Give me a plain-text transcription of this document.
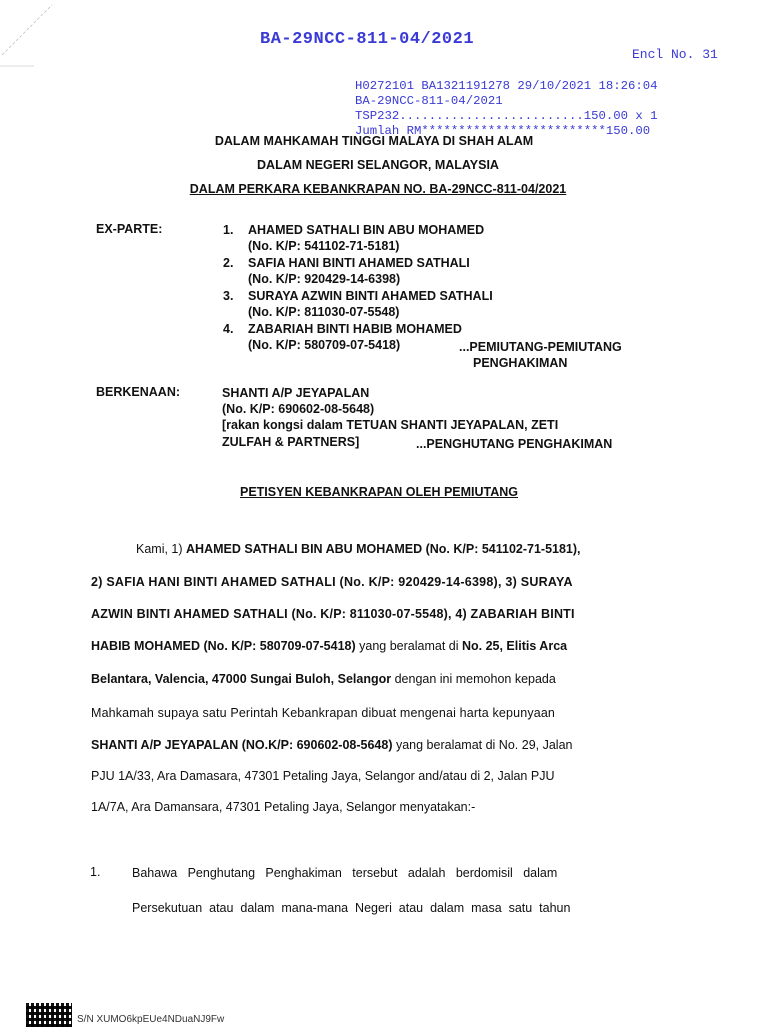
BA-29NCC-811-04/2021
Encl No. 31
H0272101 BA1321191278 29/10/2021 18:26:04
BA-29NCC-811-04/2021
TSP232.........................150.00 x 1
Jumlah RM*************************150.00
DALAM MAHKAMAH TINGGI MALAYA DI SHAH ALAM
DALAM NEGERI SELANGOR, MALAYSIA
DALAM PERKARA KEBANKRAPAN NO. BA-29NCC-811-04/2021
EX-PARTE:	1. AHAMED SATHALI BIN ABU MOHAMED
(No. K/P: 541102-71-5181)
2. SAFIA HANI BINTI AHAMED SATHALI
(No. K/P: 920429-14-6398)
3. SURAYA AZWIN BINTI AHAMED SATHALI
(No. K/P: 811030-07-5548)
4. ZABARIAH BINTI HABIB MOHAMED
(No. K/P: 580709-07-5418)	...PEMIUTANG-PEMIUTANG
PENGHAKIMAN
BERKENAAN:	SHANTI A/P JEYAPALAN
(No. K/P: 690602-08-5648)
[rakan kongsi dalam TETUAN SHANTI JEYAPALAN, ZETI
ZULFAH & PARTNERS]	...PENGHUTANG PENGHAKIMAN
PETISYEN KEBANKRAPAN OLEH PEMIUTANG
Kami, 1) AHAMED SATHALI BIN ABU MOHAMED (No. K/P: 541102-71-5181),
2) SAFIA HANI BINTI AHAMED SATHALI (No. K/P: 920429-14-6398), 3) SURAYA
AZWIN BINTI AHAMED SATHALI (No. K/P: 811030-07-5548), 4) ZABARIAH BINTI
HABIB MOHAMED (No. K/P: 580709-07-5418) yang beralamat di No. 25, Elitis Arca
Belantara, Valencia, 47000 Sungai Buloh, Selangor dengan ini memohon kepada
Mahkamah supaya satu Perintah Kebankrapan dibuat mengenai harta kepunyaan
SHANTI A/P JEYAPALAN (NO.K/P: 690602-08-5648) yang beralamat di No. 29, Jalan
PJU 1A/33, Ara Damasara, 47301 Petaling Jaya, Selangor and/atau di 2, Jalan PJU
1A/7A, Ara Damansara, 47301 Petaling Jaya, Selangor menyatakan:-
1.	Bahawa   Penghutang   Penghakiman   tersebut   adalah   berdomisil   dalam
Persekutuan  atau  dalam  mana-mana  Negeri  atau  dalam  masa  satu  tahun
S/N XUMO6kpEUe4NDuaNJ9Fw
